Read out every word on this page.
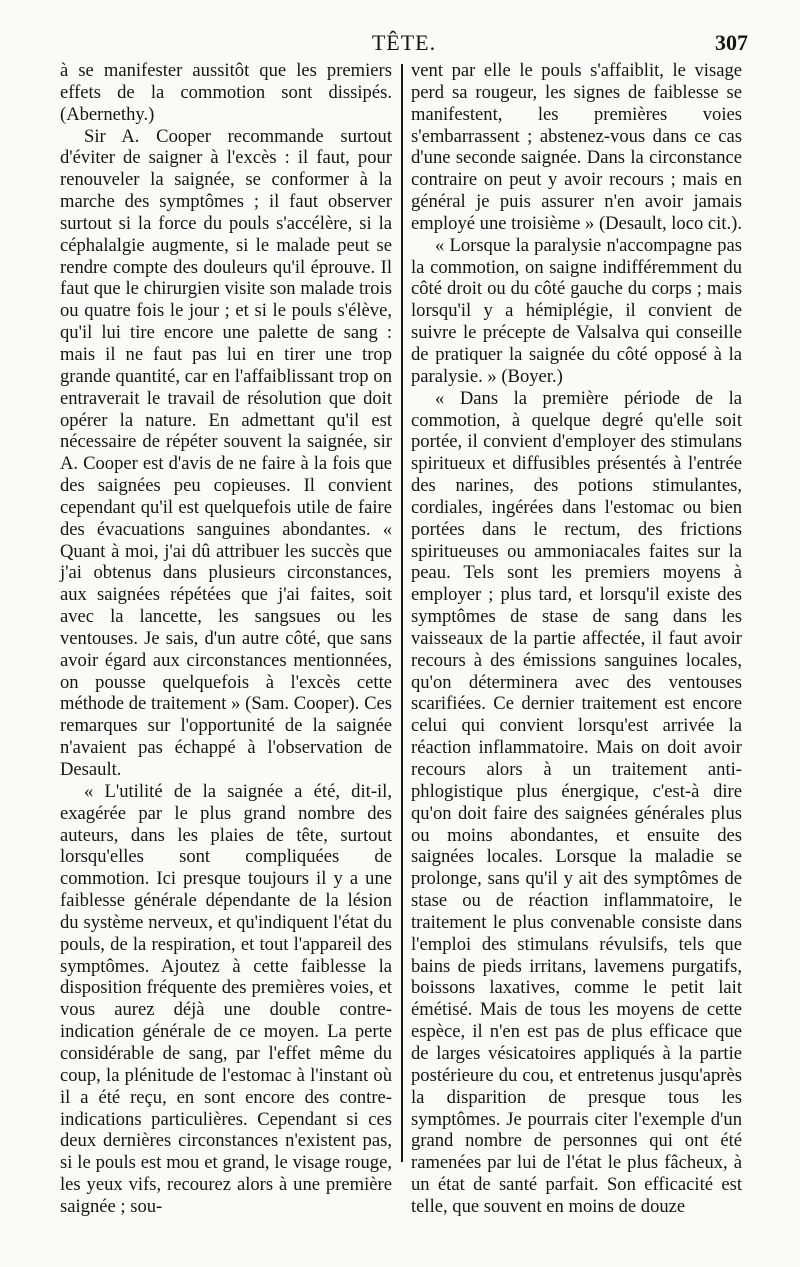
TÊTE.	307

à se manifester aussitôt que les premiers effets de la commotion sont dissipés. (Abernethy.)

Sir A. Cooper recommande surtout d'éviter de saigner à l'excès : il faut, pour renouveler la saignée, se conformer à la marche des symptômes ; il faut observer surtout si la force du pouls s'accélère, si la céphalalgie augmente, si le malade peut se rendre compte des douleurs qu'il éprouve. Il faut que le chirurgien visite son malade trois ou quatre fois le jour ; et si le pouls s'élève, qu'il lui tire encore une palette de sang : mais il ne faut pas lui en tirer une trop grande quantité, car en l'affaiblissant trop on entraverait le travail de résolution que doit opérer la nature. En admettant qu'il est nécessaire de répéter souvent la saignée, sir A. Cooper est d'avis de ne faire à la fois que des saignées peu copieuses. Il convient cependant qu'il est quelquefois utile de faire des évacuations sanguines abondantes. « Quant à moi, j'ai dû attribuer les succès que j'ai obtenus dans plusieurs circonstances, aux saignées répétées que j'ai faites, soit avec la lancette, les sangsues ou les ventouses. Je sais, d'un autre côté, que sans avoir égard aux circonstances mentionnées, on pousse quelquefois à l'excès cette méthode de traitement » (Sam. Cooper). Ces remarques sur l'opportunité de la saignée n'avaient pas échappé à l'observation de Desault.

« L'utilité de la saignée a été, dit-il, exagérée par le plus grand nombre des auteurs, dans les plaies de tête, surtout lorsqu'elles sont compliquées de commotion. Ici presque toujours il y a une faiblesse générale dépendante de la lésion du système nerveux, et qu'indiquent l'état du pouls, de la respiration, et tout l'appareil des symptômes. Ajoutez à cette faiblesse la disposition fréquente des premières voies, et vous aurez déjà une double contre-indication générale de ce moyen. La perte considérable de sang, par l'effet même du coup, la plénitude de l'estomac à l'instant où il a été reçu, en sont encore des contre-indications particulières. Cependant si ces deux dernières circonstances n'existent pas, si le pouls est mou et grand, le visage rouge, les yeux vifs, recourez alors à une première saignée ; sou-

vent par elle le pouls s'affaiblit, le visage perd sa rougeur, les signes de faiblesse se manifestent, les premières voies s'embarrassent ; abstenez-vous dans ce cas d'une seconde saignée. Dans la circonstance contraire on peut y avoir recours ; mais en général je puis assurer n'en avoir jamais employé une troisième » (Desault, loco cit.).

« Lorsque la paralysie n'accompagne pas la commotion, on saigne indifféremment du côté droit ou du côté gauche du corps ; mais lorsqu'il y a hémiplégie, il convient de suivre le précepte de Valsalva qui conseille de pratiquer la saignée du côté opposé à la paralysie. » (Boyer.)

« Dans la première période de la commotion, à quelque degré qu'elle soit portée, il convient d'employer des stimulans spiritueux et diffusibles présentés à l'entrée des narines, des potions stimulantes, cordiales, ingérées dans l'estomac ou bien portées dans le rectum, des frictions spiritueuses ou ammoniacales faites sur la peau. Tels sont les premiers moyens à employer ; plus tard, et lorsqu'il existe des symptômes de stase de sang dans les vaisseaux de la partie affectée, il faut avoir recours à des émissions sanguines locales, qu'on déterminera avec des ventouses scarifiées. Ce dernier traitement est encore celui qui convient lorsqu'est arrivée la réaction inflammatoire. Mais on doit avoir recours alors à un traitement anti-phlogistique plus énergique, c'est-à dire qu'on doit faire des saignées générales plus ou moins abondantes, et ensuite des saignées locales. Lorsque la maladie se prolonge, sans qu'il y ait des symptômes de stase ou de réaction inflammatoire, le traitement le plus convenable consiste dans l'emploi des stimulans révulsifs, tels que bains de pieds irritans, lavemens purgatifs, boissons laxatives, comme le petit lait émétisé. Mais de tous les moyens de cette espèce, il n'en est pas de plus efficace que de larges vésicatoires appliqués à la partie postérieure du cou, et entretenus jusqu'après la disparition de presque tous les symptômes. Je pourrais citer l'exemple d'un grand nombre de personnes qui ont été ramenées par lui de l'état le plus fâcheux, à un état de santé parfait. Son efficacité est telle, que souvent en moins de douze
